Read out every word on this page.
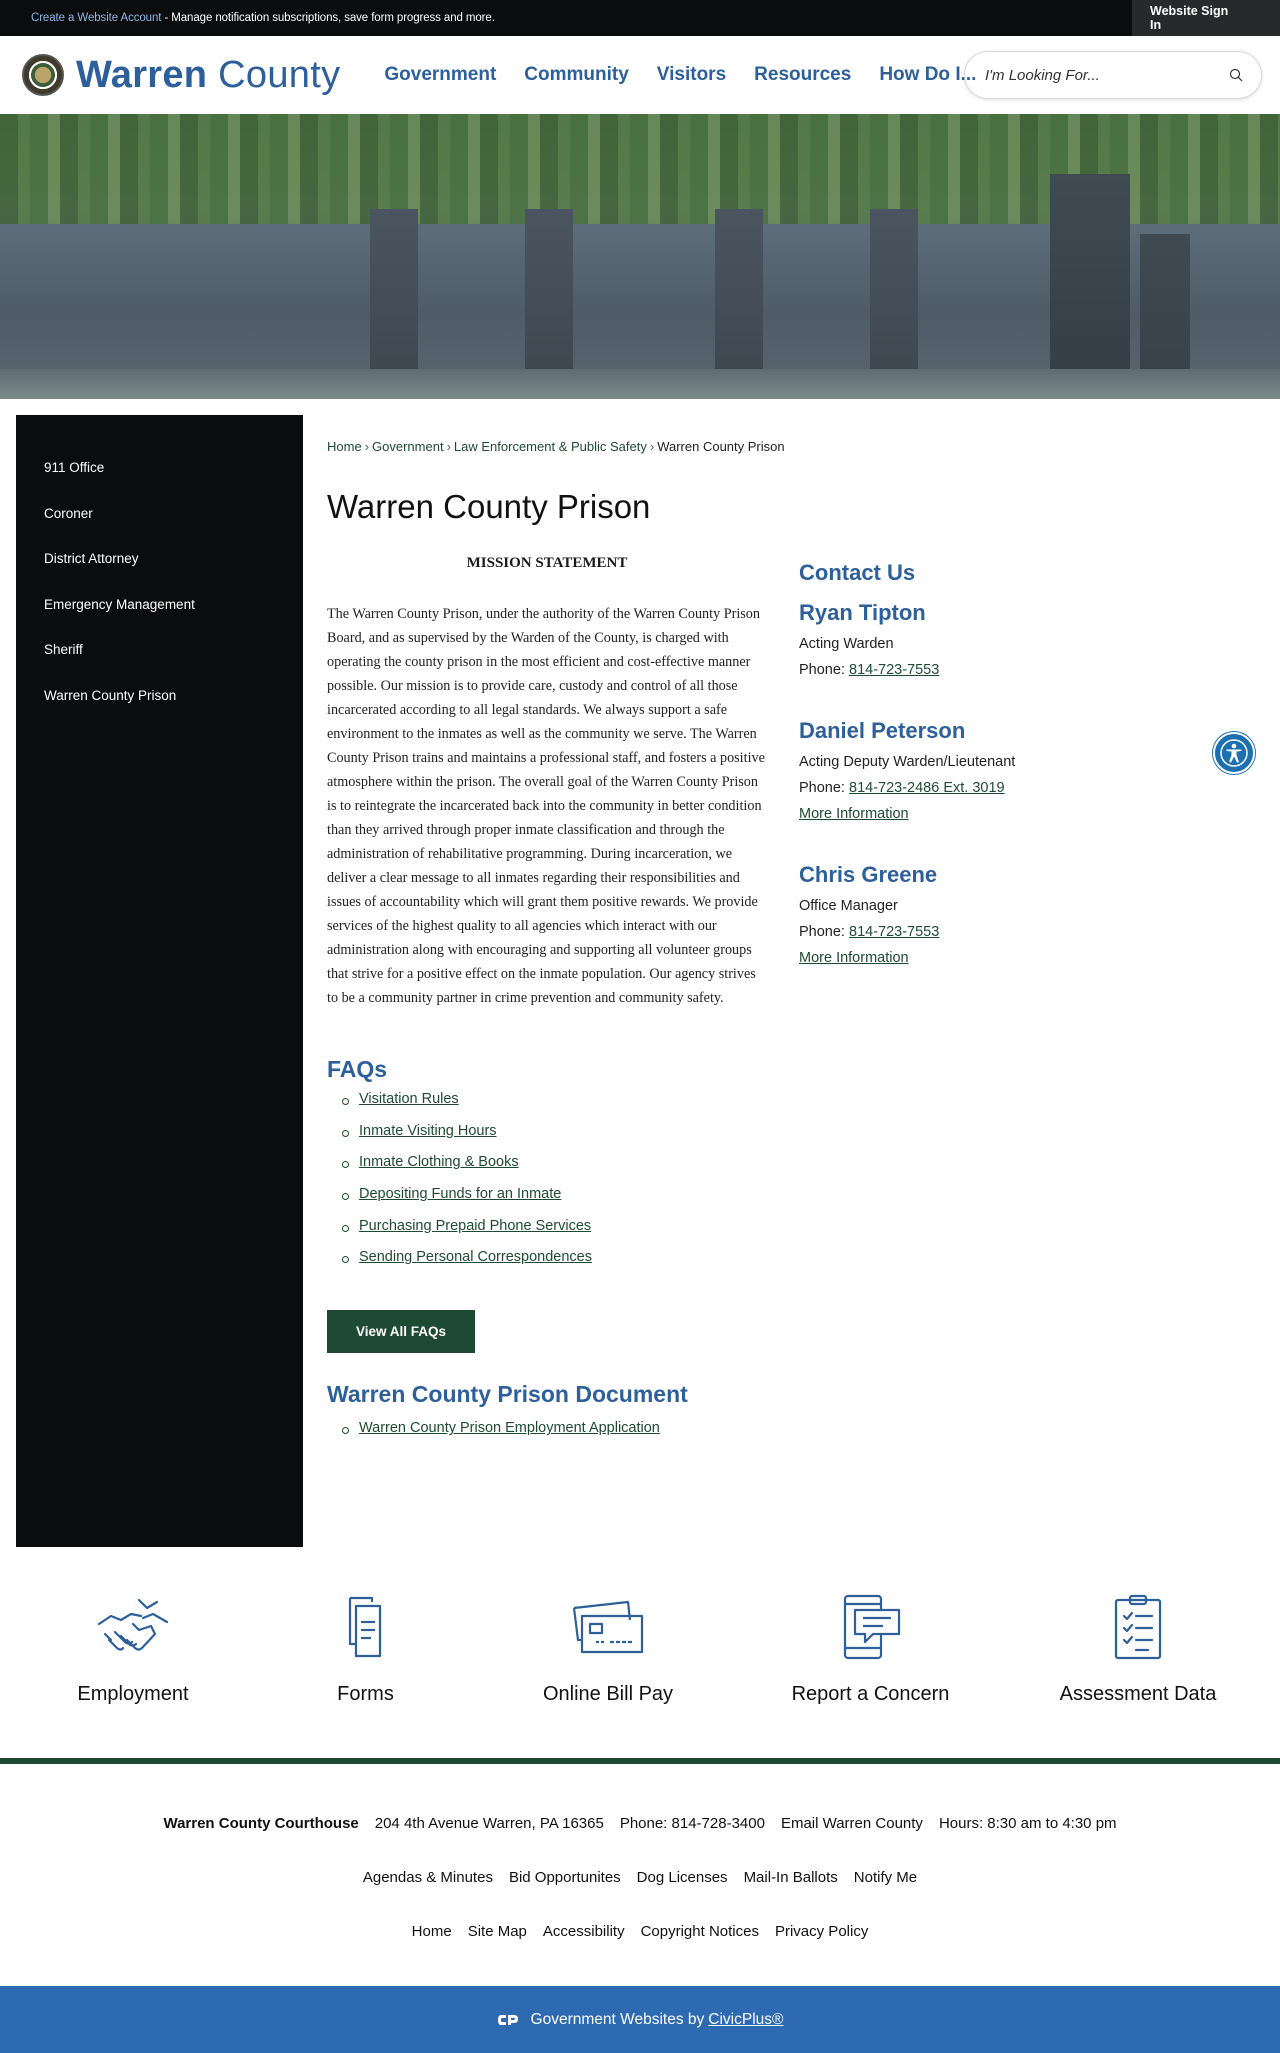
Create a Website Account - Manage notification subscriptions, save form progress and more.	Website Sign In
Warren County	Government	Community	Visitors	Resources	How Do I...
I'm Looking For...
911 Office
Coroner
District Attorney
Emergency Management
Sheriff
Warren County Prison
Home › Government › Law Enforcement & Public Safety › Warren County Prison
Warren County Prison
MISSION STATEMENT

The Warren County Prison, under the authority of the Warren County Prison Board, and as supervised by the Warden of the County, is charged with operating the county prison in the most efficient and cost-effective manner possible. Our mission is to provide care, custody and control of all those incarcerated according to all legal standards. We always support a safe environment to the inmates as well as the community we serve. The Warren County Prison trains and maintains a professional staff, and fosters a positive atmosphere within the prison. The overall goal of the Warren County Prison is to reintegrate the incarcerated back into the community in better condition than they arrived through proper inmate classification and through the administration of rehabilitative programming. During incarceration, we deliver a clear message to all inmates regarding their responsibilities and issues of accountability which will grant them positive rewards. We provide services of the highest quality to all agencies which interact with our administration along with encouraging and supporting all volunteer groups that strive for a positive effect on the inmate population. Our agency strives to be a community partner in crime prevention and community safety.

FAQs
Visitation Rules
Inmate Visiting Hours
Inmate Clothing & Books
Depositing Funds for an Inmate
Purchasing Prepaid Phone Services
Sending Personal Correspondences
View All FAQs
Warren County Prison Document
Warren County Prison Employment Application
Contact Us
Ryan Tipton
Acting Warden
Phone: 814-723-7553
Daniel Peterson
Acting Deputy Warden/Lieutenant
Phone: 814-723-2486 Ext. 3019
More Information
Chris Greene
Office Manager
Phone: 814-723-7553
More Information
Employment	Forms	Online Bill Pay	Report a Concern	Assessment Data
Warren County Courthouse 204 4th Avenue Warren, PA 16365 Phone: 814-728-3400 Email Warren County Hours: 8:30 am to 4:30 pm
Agendas & Minutes Bid Opportunites Dog Licenses Mail-In Ballots Notify Me
Home Site Map Accessibility Copyright Notices Privacy Policy
Government Websites by CivicPlus®
